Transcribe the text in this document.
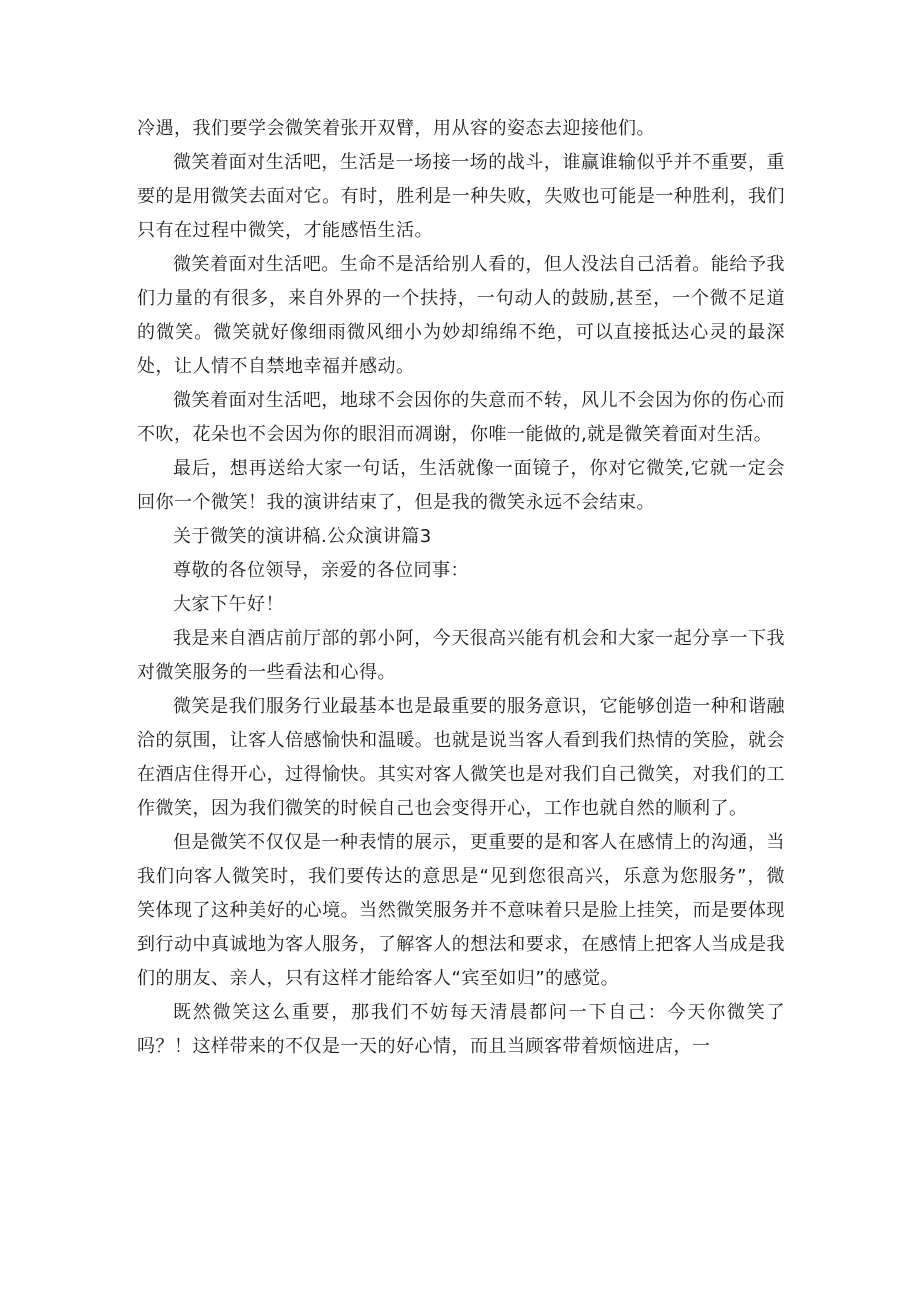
冷遇，我们要学会微笑着张开双臂，用从容的姿态去迎接他们。

微笑着面对生活吧，生活是一场接一场的战斗，谁赢谁输似乎并不重要，重要的是用微笑去面对它。有时，胜利是一种失败，失败也可能是一种胜利，我们只有在过程中微笑，才能感悟生活。

微笑着面对生活吧。生命不是活给别人看的，但人没法自己活着。能给予我们力量的有很多，来自外界的一个扶持，一句动人的鼓励,甚至，一个微不足道的微笑。微笑就好像细雨微风细小为妙却绵绵不绝，可以直接抵达心灵的最深处，让人情不自禁地幸福并感动。

微笑着面对生活吧，地球不会因你的失意而不转，风儿不会因为你的伤心而不吹，花朵也不会因为你的眼泪而凋谢，你唯一能做的,就是微笑着面对生活。

最后，想再送给大家一句话，生活就像一面镜子，你对它微笑,它就一定会回你一个微笑！我的演讲结束了，但是我的微笑永远不会结束。

关于微笑的演讲稿.公众演讲篇3

尊敬的各位领导，亲爱的各位同事：

大家下午好！

我是来自酒店前厅部的郭小阿，今天很高兴能有机会和大家一起分享一下我对微笑服务的一些看法和心得。

微笑是我们服务行业最基本也是最重要的服务意识，它能够创造一种和谐融洽的氛围，让客人倍感愉快和温暖。也就是说当客人看到我们热情的笑脸，就会在酒店住得开心，过得愉快。其实对客人微笑也是对我们自己微笑，对我们的工作微笑，因为我们微笑的时候自己也会变得开心，工作也就自然的顺利了。

但是微笑不仅仅是一种表情的展示，更重要的是和客人在感情上的沟通，当我们向客人微笑时，我们要传达的意思是“见到您很高兴，乐意为您服务”，微笑体现了这种美好的心境。当然微笑服务并不意味着只是脸上挂笑，而是要体现到行动中真诚地为客人服务，了解客人的想法和要求，在感情上把客人当成是我们的朋友、亲人，只有这样才能给客人“宾至如归”的感觉。

既然微笑这么重要，那我们不妨每天清晨都问一下自己：今天你微笑了吗？！这样带来的不仅是一天的好心情，而且当顾客带着烦恼进店，一
